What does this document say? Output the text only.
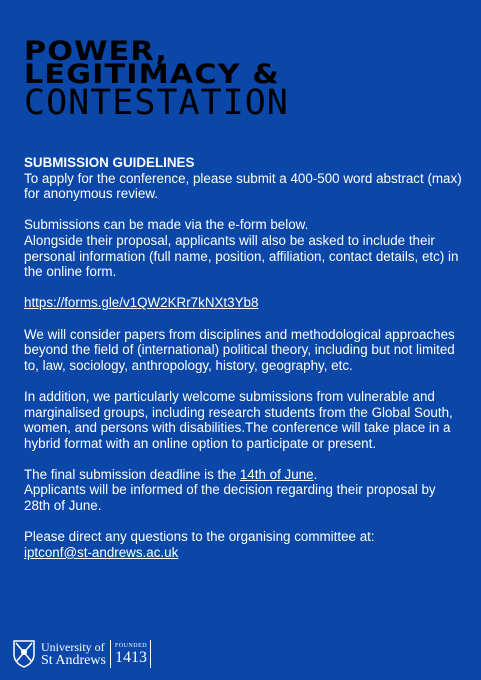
POWER,
LEGITIMACY &
CONTESTATION

SUBMISSION GUIDELINES

To apply for the conference, please submit a 400-500 word abstract (max) for anonymous review.

Submissions can be made via the e-form below.

Alongside their proposal, applicants will also be asked to include their personal information (full name, position, affiliation, contact details, etc) in the online form.

https://forms.gle/v1QW2KRr7kNXt3Yb8

We will consider papers from disciplines and methodological approaches beyond the field of (international) political theory, including but not limited to, law, sociology, anthropology, history, geography, etc.

In addition, we particularly welcome submissions from vulnerable and marginalised groups, including research students from the Global South, women, and persons with disabilities.The conference will take place in a hybrid format with an online option to participate or present.

The final submission deadline is the 14th of June.

Applicants will be informed of the decision regarding their proposal by 28th of June.

Please direct any questions to the organising committee at:

iptconf@st-andrews.ac.uk

University of
St Andrews
FOUNDED
1413
